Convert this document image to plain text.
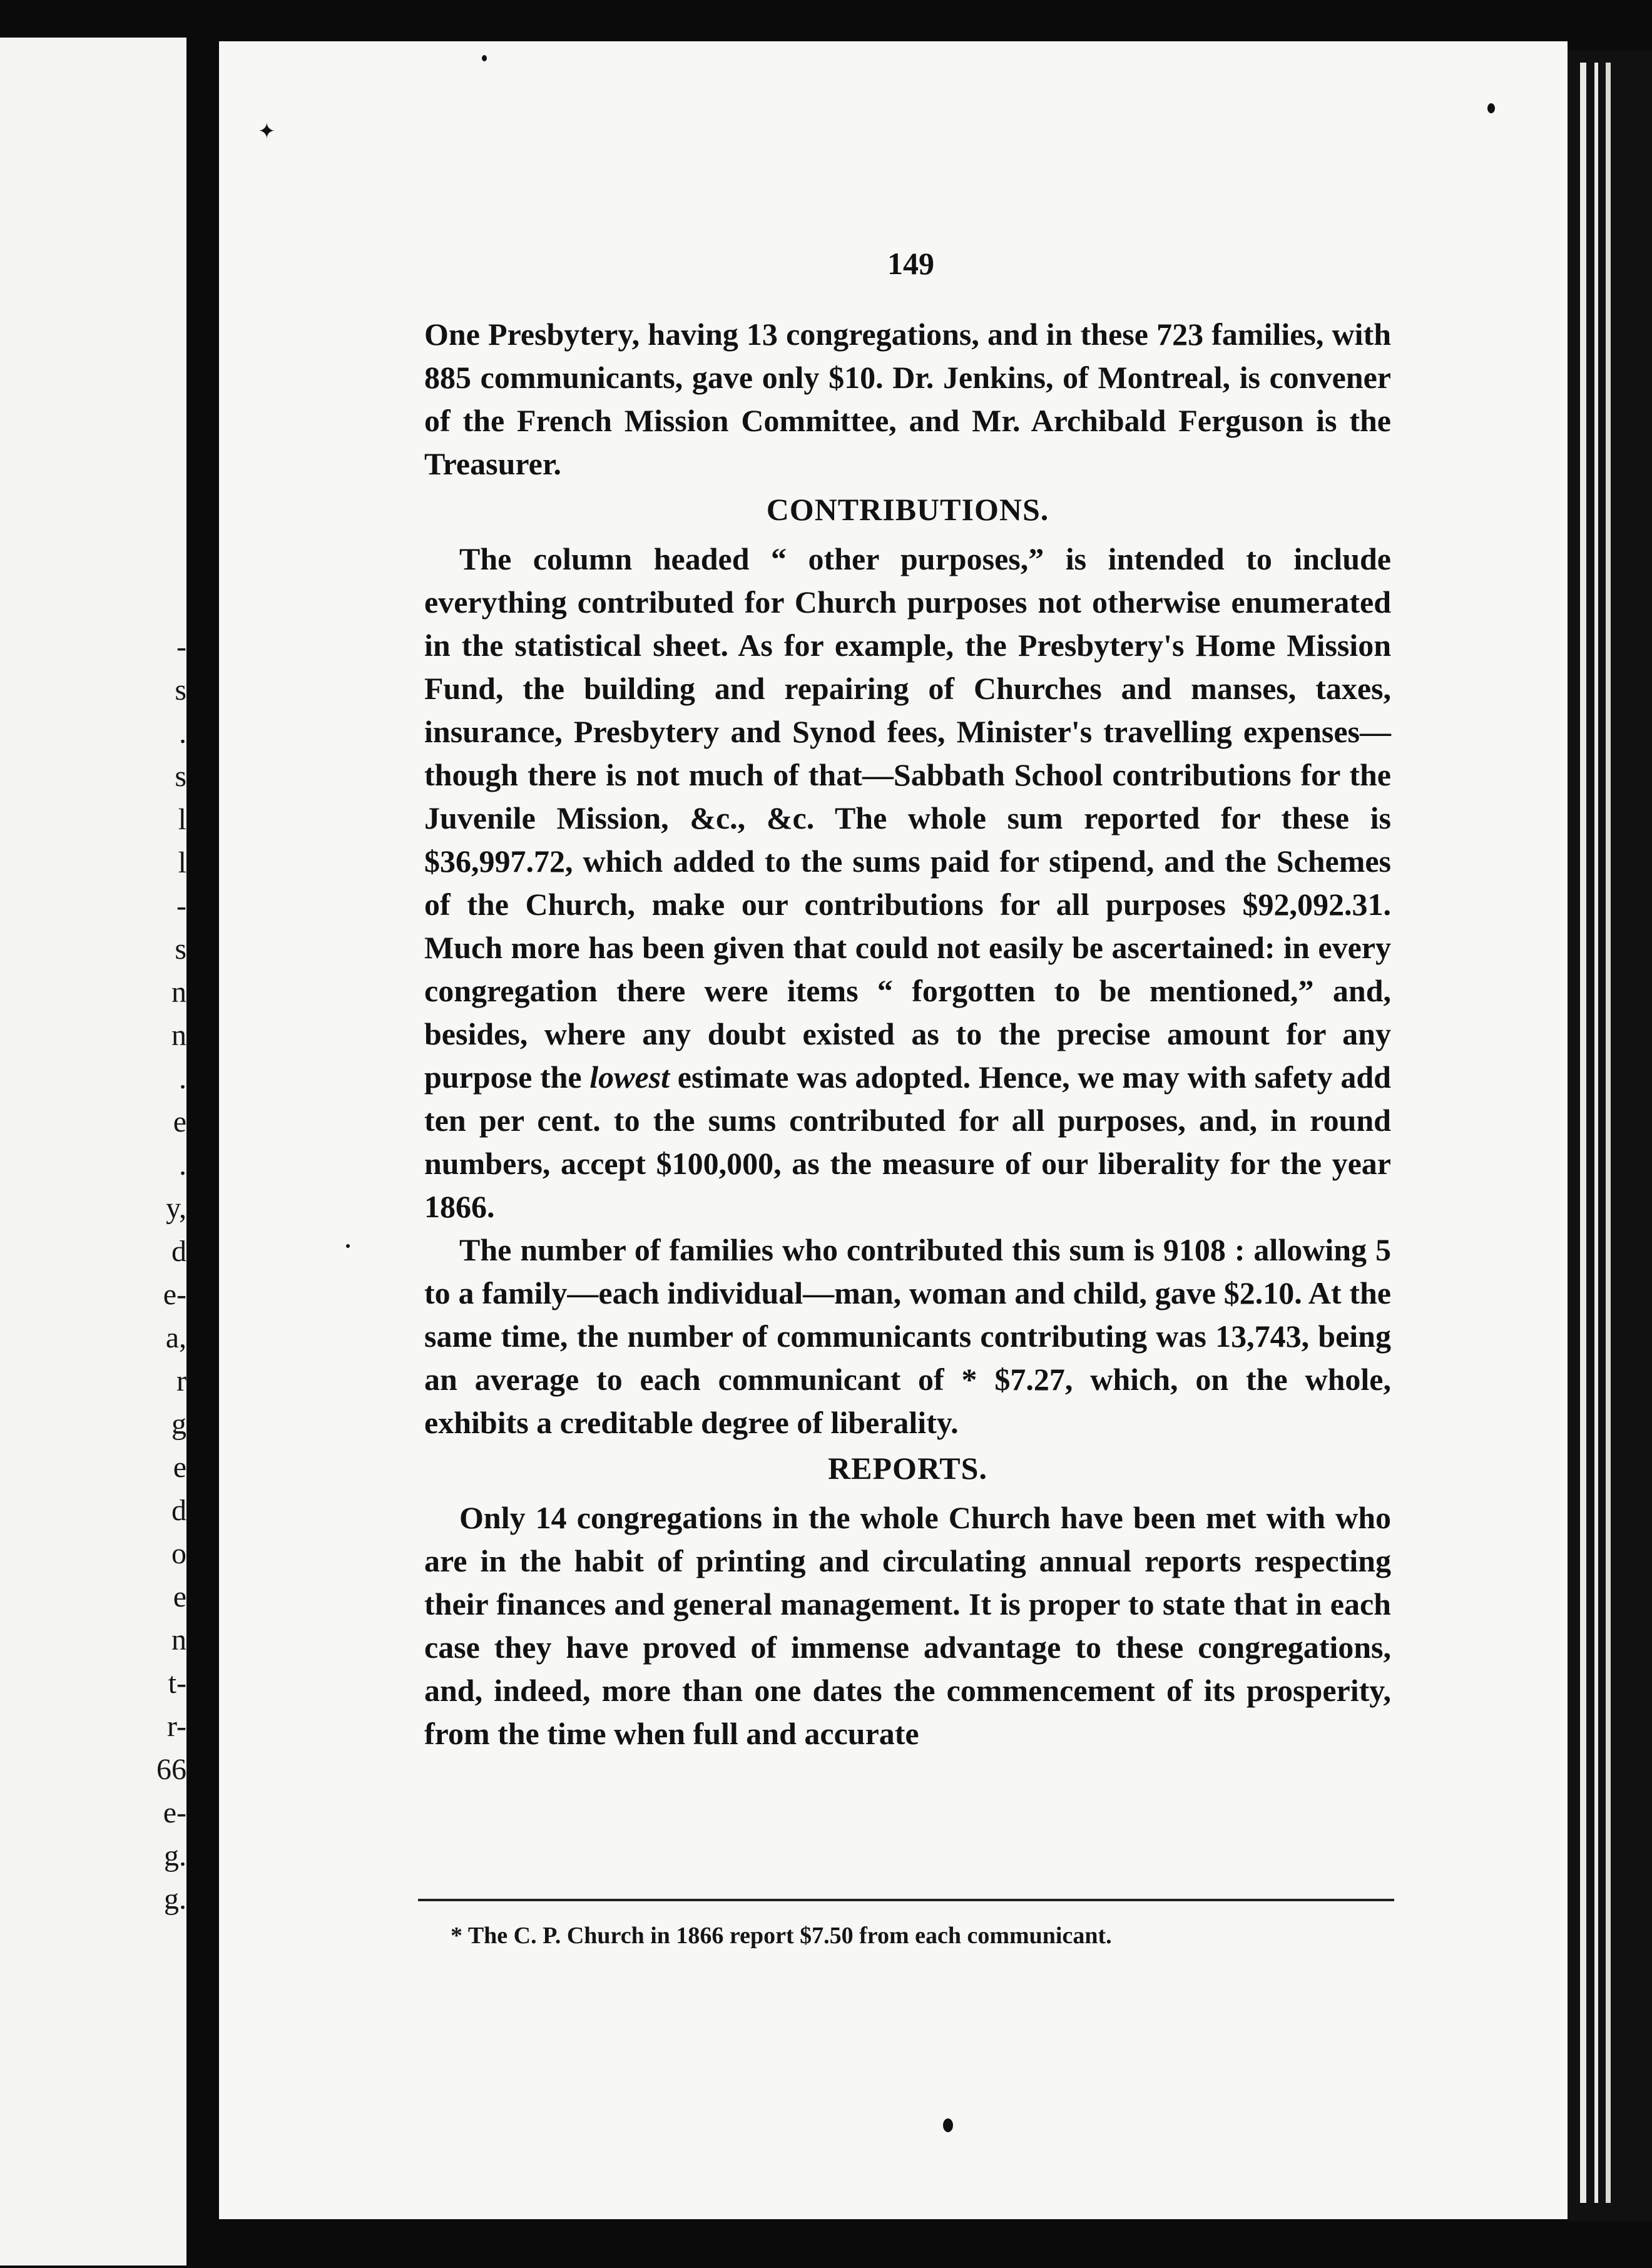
-
s
.
s
l
l
-
s
n
n
.
e
.
y,
d
e-
a,
r
g
e
d
o
e
n
t-
r-
66
e-
g.
g.
✦
149

One Presbytery, having 13 congregations, and in these 723 families, with 885 communicants, gave only $10. Dr. Jenkins, of Montreal, is convener of the French Mission Committee, and Mr. Archibald Ferguson is the Treasurer.

CONTRIBUTIONS.

The column headed “ other purposes,” is intended to include everything contributed for Church purposes not otherwise enumerated in the statistical sheet. As for example, the Presbytery's Home Mission Fund, the building and repairing of Churches and manses, taxes, insurance, Presbytery and Synod fees, Minister's travelling expenses—though there is not much of that—Sabbath School contributions for the Juvenile Mission, &c., &c. The whole sum reported for these is $36,997.72, which added to the sums paid for stipend, and the Schemes of the Church, make our contributions for all purposes $92,092.31. Much more has been given that could not easily be ascertained: in every congregation there were items “ forgotten to be mentioned,” and, besides, where any doubt existed as to the precise amount for any purpose the lowest estimate was adopted. Hence, we may with safety add ten per cent. to the sums contributed for all purposes, and, in round numbers, accept $100,000, as the measure of our liberality for the year 1866.

The number of families who contributed this sum is 9108 : allowing 5 to a family—each individual—man, woman and child, gave $2.10. At the same time, the number of communicants contributing was 13,743, being an average to each communicant of * $7.27, which, on the whole, exhibits a creditable degree of liberality.

REPORTS.

Only 14 congregations in the whole Church have been met with who are in the habit of printing and circulating annual reports respecting their finances and general management. It is proper to state that in each case they have proved of immense advantage to these congregations, and, indeed, more than one dates the commencement of its prosperity, from the time when full and accurate

* The C. P. Church in 1866 report $7.50 from each communicant.
